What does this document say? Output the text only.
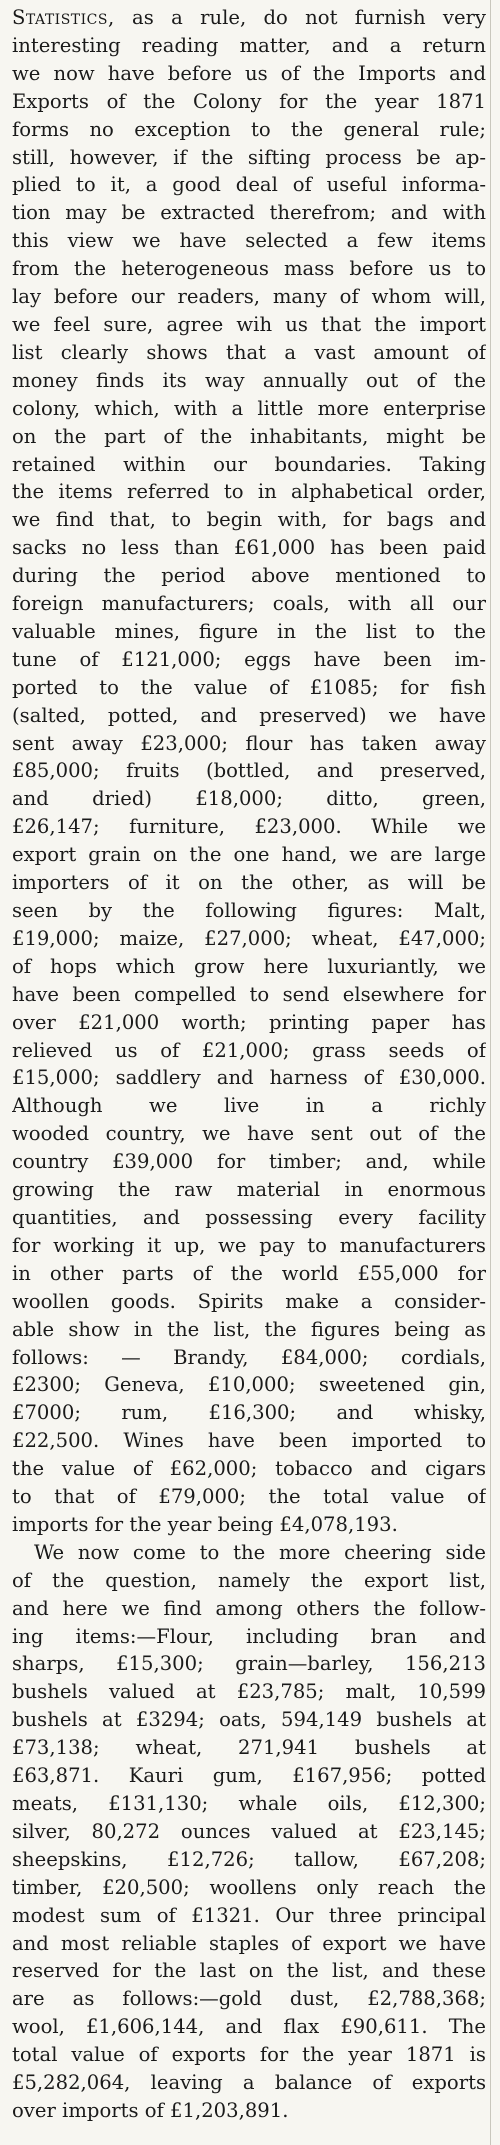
Statistics, as a rule, do not furnish very
interesting reading matter, and a return
we now have before us of the Imports and
Exports of the Colony for the year 1871
forms no exception to the general rule;
still, however, if the sifting process be ap-
plied to it, a good deal of useful informa-
tion may be extracted therefrom; and with
this view we have selected a few items
from the heterogeneous mass before us to
lay before our readers, many of whom will,
we feel sure, agree wih us that the import
list clearly shows that a vast amount of
money finds its way annually out of the
colony, which, with a little more enterprise
on the part of the inhabitants, might be
retained within our boundaries. Taking
the items referred to in alphabetical order,
we find that, to begin with, for bags and
sacks no less than £61,000 has been paid
during the period above mentioned to
foreign manufacturers; coals, with all our
valuable mines, figure in the list to the
tune of £121,000; eggs have been im-
ported to the value of £1085; for fish
(salted, potted, and preserved) we have
sent away £23,000; flour has taken away
£85,000; fruits (bottled, and preserved,
and dried) £18,000; ditto, green,
£26,147; furniture, £23,000. While we
export grain on the one hand, we are large
importers of it on the other, as will be
seen by the following figures: Malt,
£19,000; maize, £27,000; wheat, £47,000;
of hops which grow here luxuriantly, we
have been compelled to send elsewhere for
over £21,000 worth; printing paper has
relieved us of £21,000; grass seeds of
£15,000; saddlery and harness of £30,000.
Although we live in a richly
wooded country, we have sent out of the
country £39,000 for timber; and, while
growing the raw material in enormous
quantities, and possessing every facility
for working it up, we pay to manufacturers
in other parts of the world £55,000 for
woollen goods. Spirits make a consider-
able show in the list, the figures being as
follows: — Brandy, £84,000; cordials,
£2300; Geneva, £10,000; sweetened gin,
£7000; rum, £16,300; and whisky,
£22,500. Wines have been imported to
the value of £62,000; tobacco and cigars
to that of £79,000; the total value of
imports for the year being £4,078,193.
We now come to the more cheering side
of the question, namely the export list,
and here we find among others the follow-
ing items:—Flour, including bran and
sharps, £15,300; grain—barley, 156,213
bushels valued at £23,785; malt, 10,599
bushels at £3294; oats, 594,149 bushels at
£73,138; wheat, 271,941 bushels at
£63,871. Kauri gum, £167,956; potted
meats, £131,130; whale oils, £12,300;
silver, 80,272 ounces valued at £23,145;
sheepskins, £12,726; tallow, £67,208;
timber, £20,500; woollens only reach the
modest sum of £1321. Our three principal
and most reliable staples of export we have
reserved for the last on the list, and these
are as follows:—gold dust, £2,788,368;
wool, £1,606,144, and flax £90,611. The
total value of exports for the year 1871 is
£5,282,064, leaving a balance of exports
over imports of £1,203,891.
